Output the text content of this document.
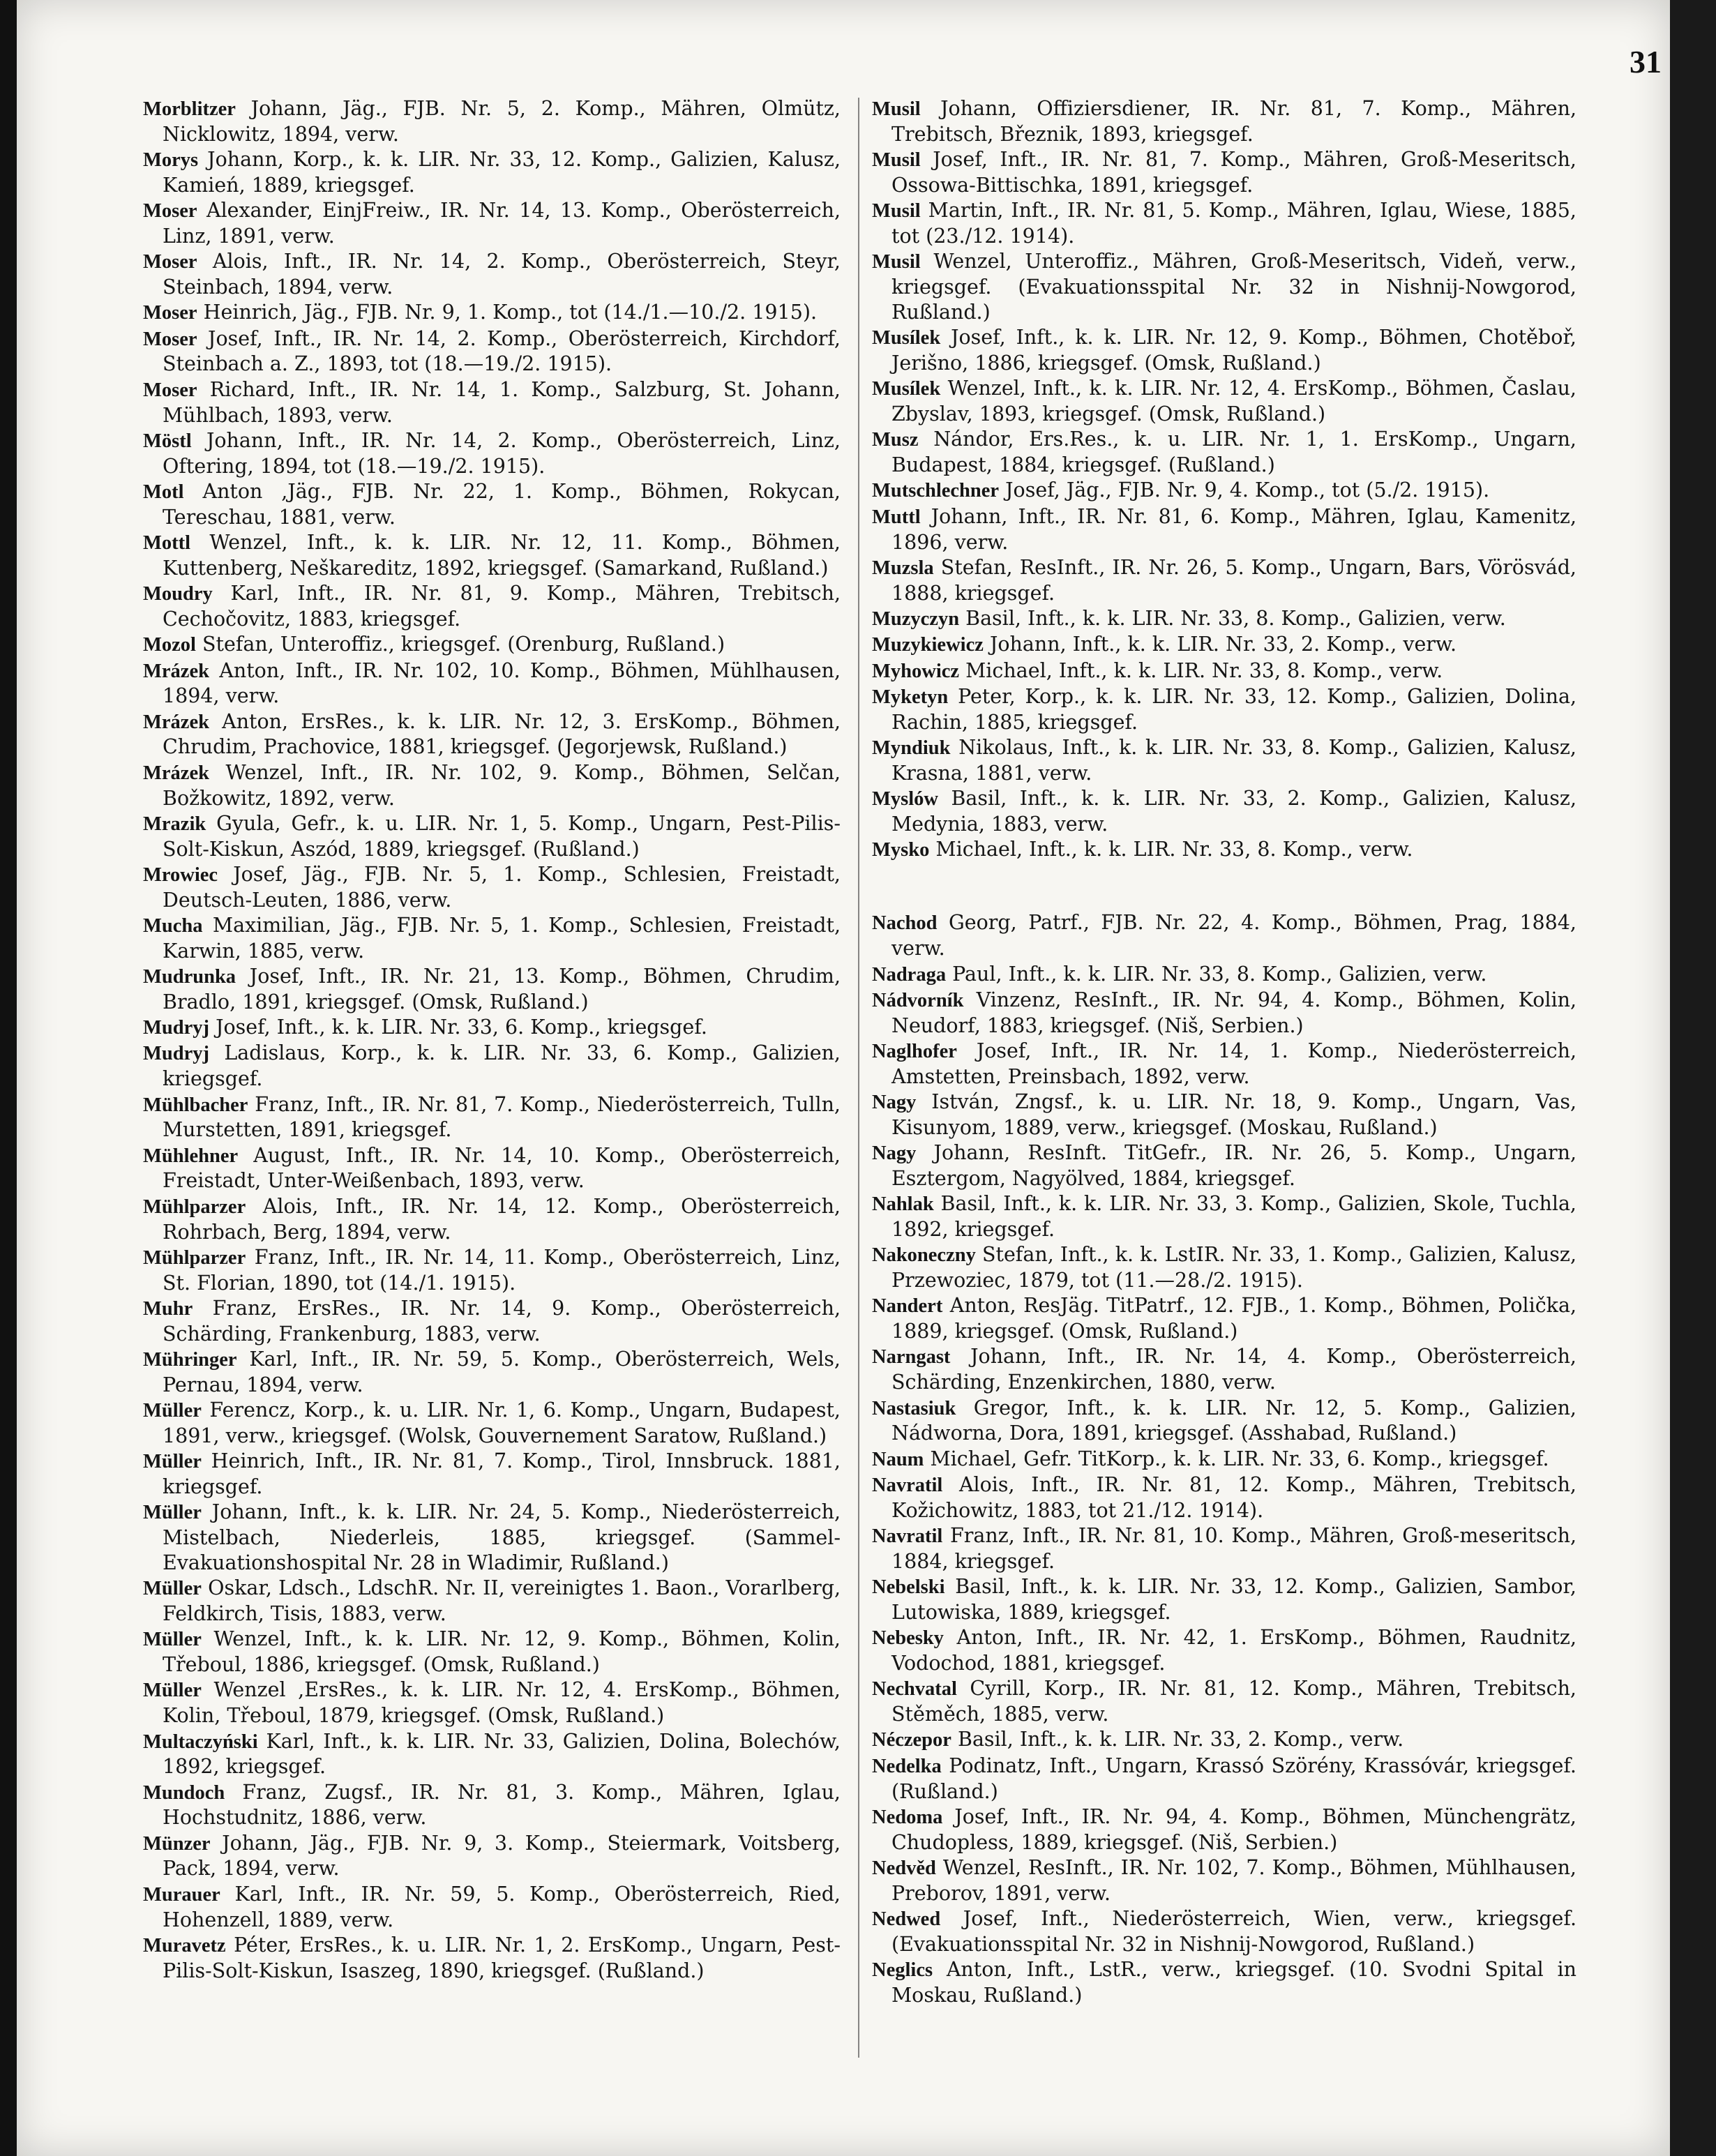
31

Morblitzer Johann, Jäg., FJB. Nr. 5, 2. Komp., Mähren, Olmütz, Nicklowitz, 1894, verw.

Morys Johann, Korp., k. k. LIR. Nr. 33, 12. Komp., Galizien, Kalusz, Kamień, 1889, kriegsgef.

Moser Alexander, EinjFreiw., IR. Nr. 14, 13. Komp., Oberösterreich, Linz, 1891, verw.

Moser Alois, Inft., IR. Nr. 14, 2. Komp., Oberösterreich, Steyr, Steinbach, 1894, verw.

Moser Heinrich, Jäg., FJB. Nr. 9, 1. Komp., tot (14./1.—10./2. 1915).

Moser Josef, Inft., IR. Nr. 14, 2. Komp., Oberösterreich, Kirchdorf, Steinbach a. Z., 1893, tot (18.—19./2. 1915).

Moser Richard, Inft., IR. Nr. 14, 1. Komp., Salzburg, St. Johann, Mühlbach, 1893, verw.

Möstl Johann, Inft., IR. Nr. 14, 2. Komp., Oberösterreich, Linz, Oftering, 1894, tot (18.—19./2. 1915).

Motl Anton ,Jäg., FJB. Nr. 22, 1. Komp., Böhmen, Rokycan, Tereschau, 1881, verw.

Mottl Wenzel, Inft., k. k. LIR. Nr. 12, 11. Komp., Böhmen, Kuttenberg, Neškareditz, 1892, kriegsgef. (Samarkand, Rußland.)

Moudry Karl, Inft., IR. Nr. 81, 9. Komp., Mähren, Trebitsch, Cechočovitz, 1883, kriegsgef.

Mozol Stefan, Unteroffiz., kriegsgef. (Orenburg, Rußland.)

Mrázek Anton, Inft., IR. Nr. 102, 10. Komp., Böhmen, Mühlhausen, 1894, verw.

Mrázek Anton, ErsRes., k. k. LIR. Nr. 12, 3. ErsKomp., Böhmen, Chrudim, Prachovice, 1881, kriegsgef. (Jegorjewsk, Rußland.)

Mrázek Wenzel, Inft., IR. Nr. 102, 9. Komp., Böhmen, Selčan, Božkowitz, 1892, verw.

Mrazik Gyula, Gefr., k. u. LIR. Nr. 1, 5. Komp., Ungarn, Pest-Pilis-Solt-Kiskun, Aszód, 1889, kriegsgef. (Rußland.)

Mrowiec Josef, Jäg., FJB. Nr. 5, 1. Komp., Schlesien, Freistadt, Deutsch-Leuten, 1886, verw.

Mucha Maximilian, Jäg., FJB. Nr. 5, 1. Komp., Schlesien, Freistadt, Karwin, 1885, verw.

Mudrunka Josef, Inft., IR. Nr. 21, 13. Komp., Böhmen, Chrudim, Bradlo, 1891, kriegsgef. (Omsk, Rußland.)

Mudryj Josef, Inft., k. k. LIR. Nr. 33, 6. Komp., kriegsgef.

Mudryj Ladislaus, Korp., k. k. LIR. Nr. 33, 6. Komp., Galizien, kriegsgef.

Mühlbacher Franz, Inft., IR. Nr. 81, 7. Komp., Niederösterreich, Tulln, Murstetten, 1891, kriegsgef.

Mühlehner August, Inft., IR. Nr. 14, 10. Komp., Oberösterreich, Freistadt, Unter-Weißenbach, 1893, verw.

Mühlparzer Alois, Inft., IR. Nr. 14, 12. Komp., Oberösterreich, Rohrbach, Berg, 1894, verw.

Mühlparzer Franz, Inft., IR. Nr. 14, 11. Komp., Oberösterreich, Linz, St. Florian, 1890, tot (14./1. 1915).

Muhr Franz, ErsRes., IR. Nr. 14, 9. Komp., Oberösterreich, Schärding, Frankenburg, 1883, verw.

Mühringer Karl, Inft., IR. Nr. 59, 5. Komp., Oberösterreich, Wels, Pernau, 1894, verw.

Müller Ferencz, Korp., k. u. LIR. Nr. 1, 6. Komp., Ungarn, Budapest, 1891, verw., kriegsgef. (Wolsk, Gouvernement Saratow, Rußland.)

Müller Heinrich, Inft., IR. Nr. 81, 7. Komp., Tirol, Innsbruck. 1881, kriegsgef.

Müller Johann, Inft., k. k. LIR. Nr. 24, 5. Komp., Niederösterreich, Mistelbach, Niederleis, 1885, kriegsgef. (Sammel-Evakuationshospital Nr. 28 in Wladimir, Rußland.)

Müller Oskar, Ldsch., LdschR. Nr. II, vereinigtes 1. Baon., Vorarlberg, Feldkirch, Tisis, 1883, verw.

Müller Wenzel, Inft., k. k. LIR. Nr. 12, 9. Komp., Böhmen, Kolin, Třeboul, 1886, kriegsgef. (Omsk, Rußland.)

Müller Wenzel ,ErsRes., k. k. LIR. Nr. 12, 4. ErsKomp., Böhmen, Kolin, Třeboul, 1879, kriegsgef. (Omsk, Rußland.)

Multaczyński Karl, Inft., k. k. LIR. Nr. 33, Galizien, Dolina, Bolechów, 1892, kriegsgef.

Mundoch Franz, Zugsf., IR. Nr. 81, 3. Komp., Mähren, Iglau, Hochstudnitz, 1886, verw.

Münzer Johann, Jäg., FJB. Nr. 9, 3. Komp., Steiermark, Voitsberg, Pack, 1894, verw.

Murauer Karl, Inft., IR. Nr. 59, 5. Komp., Oberösterreich, Ried, Hohenzell, 1889, verw.

Muravetz Péter, ErsRes., k. u. LIR. Nr. 1, 2. ErsKomp., Ungarn, Pest-Pilis-Solt-Kiskun, Isaszeg, 1890, kriegsgef. (Rußland.)

Musil Johann, Offiziersdiener, IR. Nr. 81, 7. Komp., Mähren, Trebitsch, Březnik, 1893, kriegsgef.

Musil Josef, Inft., IR. Nr. 81, 7. Komp., Mähren, Groß-Meseritsch, Ossowa-Bittischka, 1891, kriegsgef.

Musil Martin, Inft., IR. Nr. 81, 5. Komp., Mähren, Iglau, Wiese, 1885, tot (23./12. 1914).

Musil Wenzel, Unteroffiz., Mähren, Groß-Meseritsch, Videň, verw., kriegsgef. (Evakuationsspital Nr. 32 in Nishnij-Nowgorod, Rußland.)

Musílek Josef, Inft., k. k. LIR. Nr. 12, 9. Komp., Böhmen, Chotěboř, Jerišno, 1886, kriegsgef. (Omsk, Rußland.)

Musílek Wenzel, Inft., k. k. LIR. Nr. 12, 4. ErsKomp., Böhmen, Časlau, Zbyslav, 1893, kriegsgef. (Omsk, Rußland.)

Musz Nándor, Ers.Res., k. u. LIR. Nr. 1, 1. ErsKomp., Ungarn, Budapest, 1884, kriegsgef. (Rußland.)

Mutschlechner Josef, Jäg., FJB. Nr. 9, 4. Komp., tot (5./2. 1915).

Muttl Johann, Inft., IR. Nr. 81, 6. Komp., Mähren, Iglau, Kamenitz, 1896, verw.

Muzsla Stefan, ResInft., IR. Nr. 26, 5. Komp., Ungarn, Bars, Vörösvád, 1888, kriegsgef.

Muzyczyn Basil, Inft., k. k. LIR. Nr. 33, 8. Komp., Galizien, verw.

Muzykiewicz Johann, Inft., k. k. LIR. Nr. 33, 2. Komp., verw.

Myhowicz Michael, Inft., k. k. LIR. Nr. 33, 8. Komp., verw.

Myketyn Peter, Korp., k. k. LIR. Nr. 33, 12. Komp., Galizien, Dolina, Rachin, 1885, kriegsgef.

Myndiuk Nikolaus, Inft., k. k. LIR. Nr. 33, 8. Komp., Galizien, Kalusz, Krasna, 1881, verw.

Myslów Basil, Inft., k. k. LIR. Nr. 33, 2. Komp., Galizien, Kalusz, Medynia, 1883, verw.

Mysko Michael, Inft., k. k. LIR. Nr. 33, 8. Komp., verw.

Nachod Georg, Patrf., FJB. Nr. 22, 4. Komp., Böhmen, Prag, 1884, verw.

Nadraga Paul, Inft., k. k. LIR. Nr. 33, 8. Komp., Galizien, verw.

Nádvorník Vinzenz, ResInft., IR. Nr. 94, 4. Komp., Böhmen, Kolin, Neudorf, 1883, kriegsgef. (Niš, Serbien.)

Naglhofer Josef, Inft., IR. Nr. 14, 1. Komp., Niederösterreich, Amstetten, Preinsbach, 1892, verw.

Nagy István, Zngsf., k. u. LIR. Nr. 18, 9. Komp., Ungarn, Vas, Kisunyom, 1889, verw., kriegsgef. (Moskau, Rußland.)

Nagy Johann, ResInft. TitGefr., IR. Nr. 26, 5. Komp., Ungarn, Esztergom, Nagyölved, 1884, kriegsgef.

Nahlak Basil, Inft., k. k. LIR. Nr. 33, 3. Komp., Galizien, Skole, Tuchla, 1892, kriegsgef.

Nakoneczny Stefan, Inft., k. k. LstIR. Nr. 33, 1. Komp., Galizien, Kalusz, Przewoziec, 1879, tot (11.—28./2. 1915).

Nandert Anton, ResJäg. TitPatrf., 12. FJB., 1. Komp., Böhmen, Polička, 1889, kriegsgef. (Omsk, Rußland.)

Narngast Johann, Inft., IR. Nr. 14, 4. Komp., Oberösterreich, Schärding, Enzenkirchen, 1880, verw.

Nastasiuk Gregor, Inft., k. k. LIR. Nr. 12, 5. Komp., Galizien, Nádworna, Dora, 1891, kriegsgef. (Asshabad, Rußland.)

Naum Michael, Gefr. TitKorp., k. k. LIR. Nr. 33, 6. Komp., kriegsgef.

Navratil Alois, Inft., IR. Nr. 81, 12. Komp., Mähren, Trebitsch, Kožichowitz, 1883, tot 21./12. 1914).

Navratil Franz, Inft., IR. Nr. 81, 10. Komp., Mähren, Groß-meseritsch, 1884, kriegsgef.

Nebelski Basil, Inft., k. k. LIR. Nr. 33, 12. Komp., Galizien, Sambor, Lutowiska, 1889, kriegsgef.

Nebesky Anton, Inft., IR. Nr. 42, 1. ErsKomp., Böhmen, Raudnitz, Vodochod, 1881, kriegsgef.

Nechvatal Cyrill, Korp., IR. Nr. 81, 12. Komp., Mähren, Trebitsch, Stěměch, 1885, verw.

Néczepor Basil, Inft., k. k. LIR. Nr. 33, 2. Komp., verw.

Nedelka Podinatz, Inft., Ungarn, Krassó Szörény, Krassóvár, kriegsgef. (Rußland.)

Nedoma Josef, Inft., IR. Nr. 94, 4. Komp., Böhmen, Münchengrätz, Chudopless, 1889, kriegsgef. (Niš, Serbien.)

Nedvěd Wenzel, ResInft., IR. Nr. 102, 7. Komp., Böhmen, Mühlhausen, Preborov, 1891, verw.

Nedwed Josef, Inft., Niederösterreich, Wien, verw., kriegsgef. (Evakuationsspital Nr. 32 in Nishnij-Nowgorod, Rußland.)

Neglics Anton, Inft., LstR., verw., kriegsgef. (10. Svodni Spital in Moskau, Rußland.)
